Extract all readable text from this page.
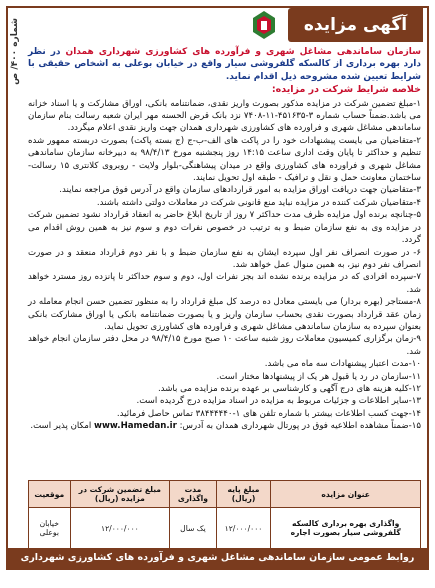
آگهی مزایده
شماره ۴۰۰/ ص

سازمان ساماندهی مشاغل شهری و فرآورده های کشاورزی شهرداری همدان در نظر دارد بهره برداری از کالسکه گلفروشی سیار واقع در خیابان بوعلی به اشخاص حقیقی با شرایط تعیین شده مشروحه ذیل اقدام نماید.

خلاصه شرایط شرکت در مزایده:

۱-مبلغ تضمین شرکت در مزایده مذکور بصورت واریز نقدی، ضمانتنامه بانکی، اوراق مشارکت و یا اسناد خزانه می باشد.ضمناً حساب شماره ۳-۴۵۱۶۳۵-۱۱-۷۴۰۸ نزد بانک قرض الحسنه مهر ایران شعبه رسالت بنام سازمان ساماندهی مشاغل شهری و فراورده های کشاورزی شهرداری همدان جهت واریز نقدی اعلام میگردد.

۲-متقاضیان می بایست پیشنهادات خود را در پاکت های الف-ب-ج (ج بسته پاکت) بصورت دربسته ممهور شده تنظیم و حداکثر تا پایان وقت اداری ساعت ۱۴:۱۵ روز پنجشنبه مورخ ۹۸/۴/۱۳ به دبیرخانه سازمان ساماندهی مشاغل شهری و فراورده های کشاورزی واقع در میدان پیشاهنگی-بلوار ولایت - روبروی کلانتری ۱۵ رسالت- ساختمان معاونت حمل و نقل و ترافیک - طبقه اول تحویل نمایند.

۳-متقاضیان جهت دریافت اوراق مزایده به امور قراردادهای سازمان واقع در آدرس فوق مراجعه نمایند.

۴-متقاضیان شرکت کننده در مزایده نباید منع قانونی شرکت در معاملات دولتی داشته باشند.

۵-چنانچه برنده اول مزایده ظرف مدت حداکثر ۷ روز از تاریخ ابلاغ حاضر به انعقاد قرارداد نشود تضمین شرکت در مزایده وی به نفع سازمان ضبط و به ترتیب در خصوص نفرات دوم و سوم نیز به همین روش اقدام می گردد.

۶- در صورت انصراف نفر اول سپرده ایشان به نفع سازمان ضبط و با نفر دوم قرارداد منعقد و در صورت انصراف نفر دوم نیز، به همین منوال عمل خواهد شد.

۷-سپرده افرادی که در مزایده برنده نشده اند بجز نفرات اول، دوم و سوم حداکثر تا پانزده روز مسترد خواهد شد.

۸-مستاجر (بهره بردار) می بایستی معادل ده درصد کل مبلغ قرارداد را به منظور تضمین حسن انجام معامله در زمان عقد قرارداد بصورت نقدی بحساب سازمان واریز و یا بصورت ضمانتنامه بانکی یا اوراق مشارکت بانکی بعنوان سپرده به سازمان ساماندهی مشاغل شهری و فراورده های کشاورزی تحویل نماید.

۹-زمان برگزاری کمیسیون معاملات روز شنبه ساعت ۱۰ صبح مورخ ۹۸/۴/۱۵ در محل دفتر سازمان انجام خواهد شد.

۱۰-مدت اعتبار پیشنهادات سه ماه می باشد.

۱۱-سازمان در رد یا قبول هر یک از پیشنهادها مختار است.

۱۲-کلیه هزینه های درج آگهی و کارشناسی بر عهده برنده مزایده می باشد.

۱۳-سایر اطلاعات و جزئیات مربوط به مزایده در اسناد مزایده درج گردیده است.

۱۴-جهت کسب اطلاعات بیشتر با شماره تلفن های ۱-۳۸۴۴۴۴۴۰ تماس حاصل فرمائید.

۱۵-ضمناً مشاهده اطلاعیه فوق در پورتال شهرداری همدان به آدرس: www.Hamedan.ir امکان پذیر است.

عنوان مزایده	مبلغ پایه (ریال)	مدت واگذاری	مبلغ تضمین شرکت در مزایده (ریال)	موقعیت
واگذاری بهره برداری کالسکه گلفروشی سیار بصورت اجاره	۱۲/۰۰۰/۰۰۰	یک سال	۱۲/۰۰۰/۰۰۰	خیابان بوعلی
روابط عمومی سازمان ساماندهی مشاغل شهری و فرآورده های کشاورزی شهرداری همدان
